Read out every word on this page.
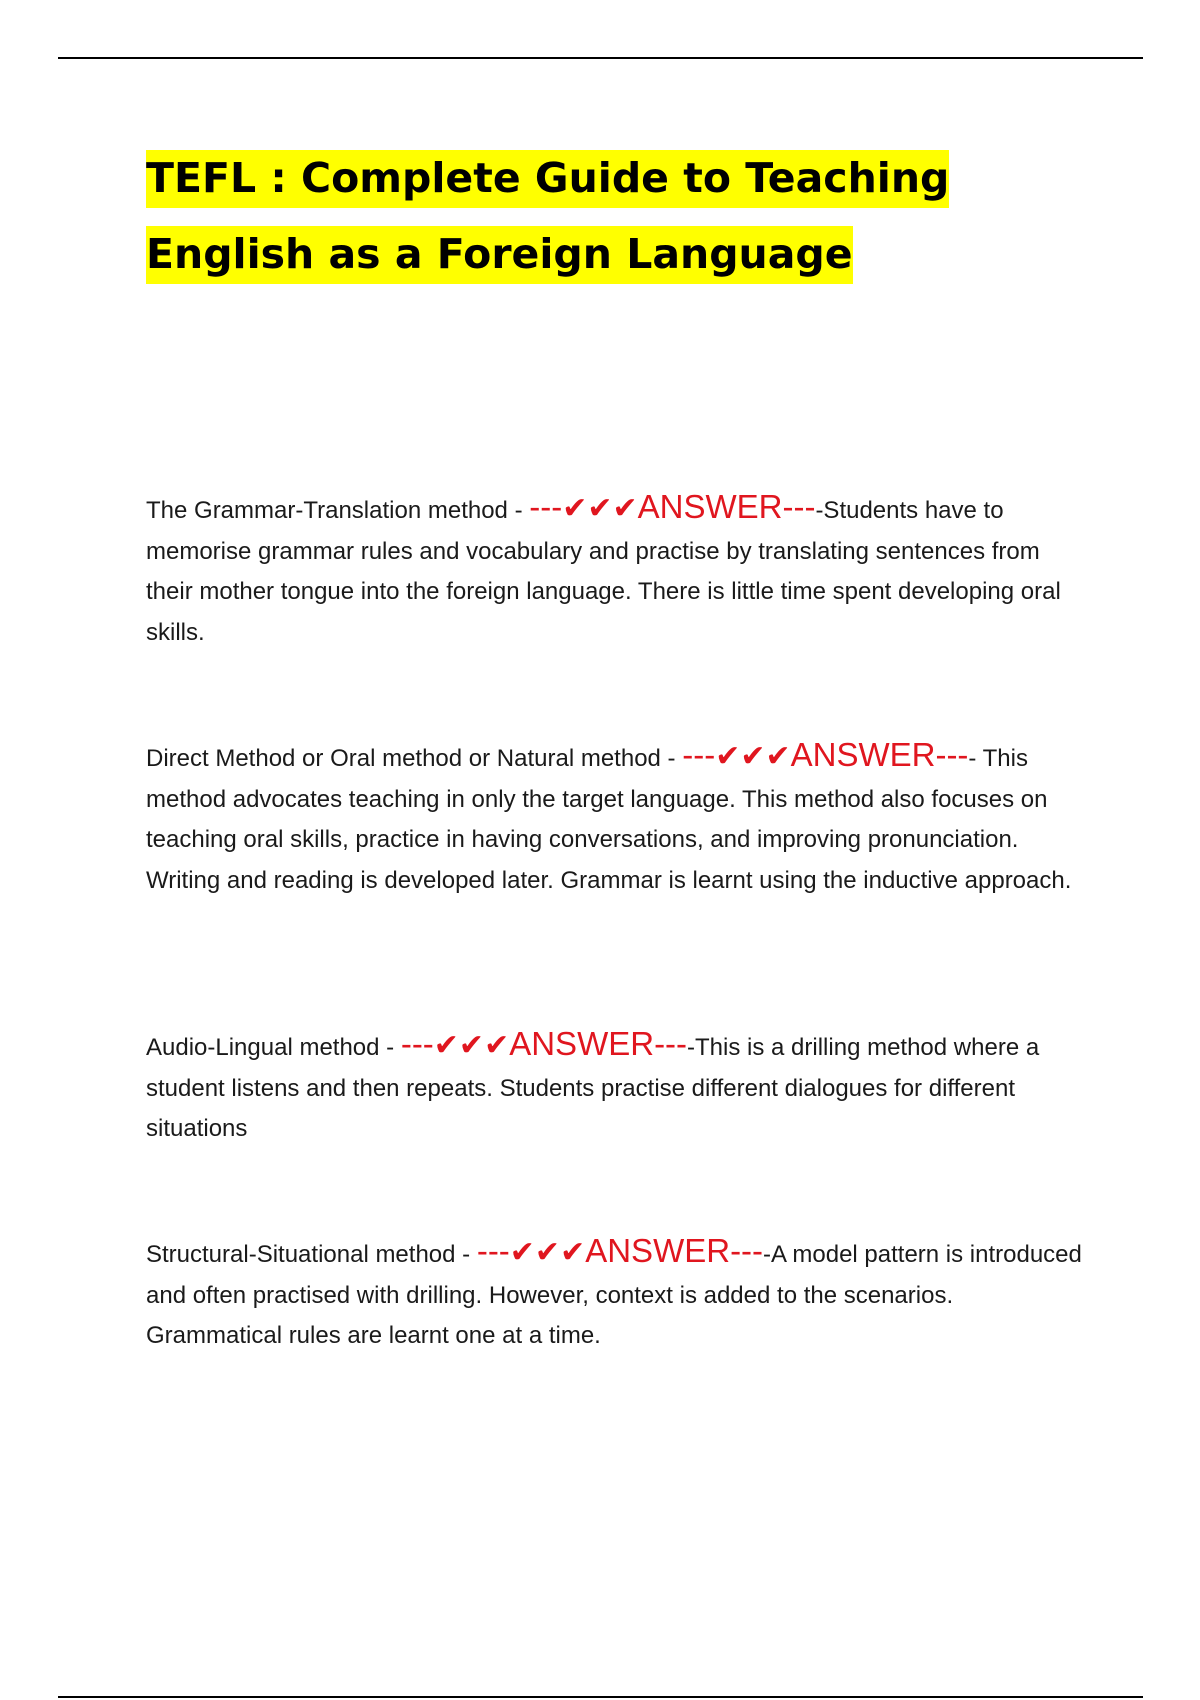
TEFL : Complete Guide to Teaching English as a Foreign Language

The Grammar-Translation method - ---✔✔✔ANSWER----Students have to memorise grammar rules and vocabulary and practise by translating sentences from their mother tongue into the foreign language. There is little time spent developing oral skills.

Direct Method or Oral method or Natural method - ---✔✔✔ANSWER---- This method advocates teaching in only the target language. This method also focuses on teaching oral skills, practice in having conversations, and improving pronunciation. Writing and reading is developed later. Grammar is learnt using the inductive approach.

Audio-Lingual method - ---✔✔✔ANSWER----This is a drilling method where a student listens and then repeats. Students practise different dialogues for different situations

Structural-Situational method - ---✔✔✔ANSWER----A model pattern is introduced and often practised with drilling. However, context is added to the scenarios. Grammatical rules are learnt one at a time.
